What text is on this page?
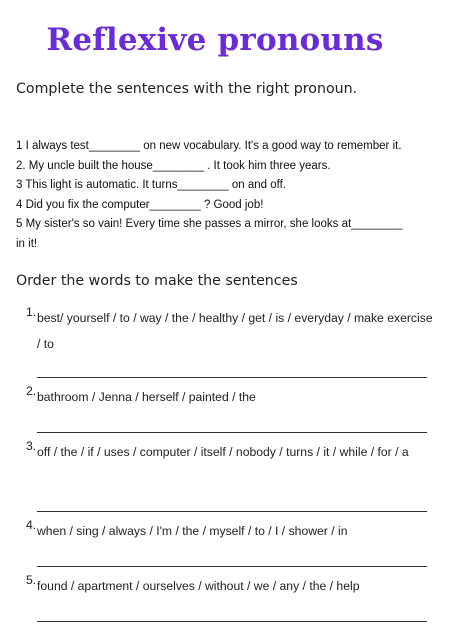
Reflexive pronouns
Complete the sentences with the right pronoun.
1 I always test________ on new vocabulary. It's a good way to remember it.
2. My uncle built the house________ . It took him three years.
3 This light is automatic. It turns________ on and off.
4 Did you fix the computer________ ? Good job!
5 My sister's so vain! Every time she passes a mirror, she looks at________
in it!
Order the words to make the sentences
1. best/ yourself / to / way / the / healthy / get / is / everyday / make exercise / to
2. bathroom / Jenna / herself / painted / the
3. off / the / if / uses / computer / itself / nobody / turns / it / while / for / a
4. when / sing / always / I'm / the / myself / to / I / shower / in
5. found / apartment / ourselves / without / we / any / the / help
